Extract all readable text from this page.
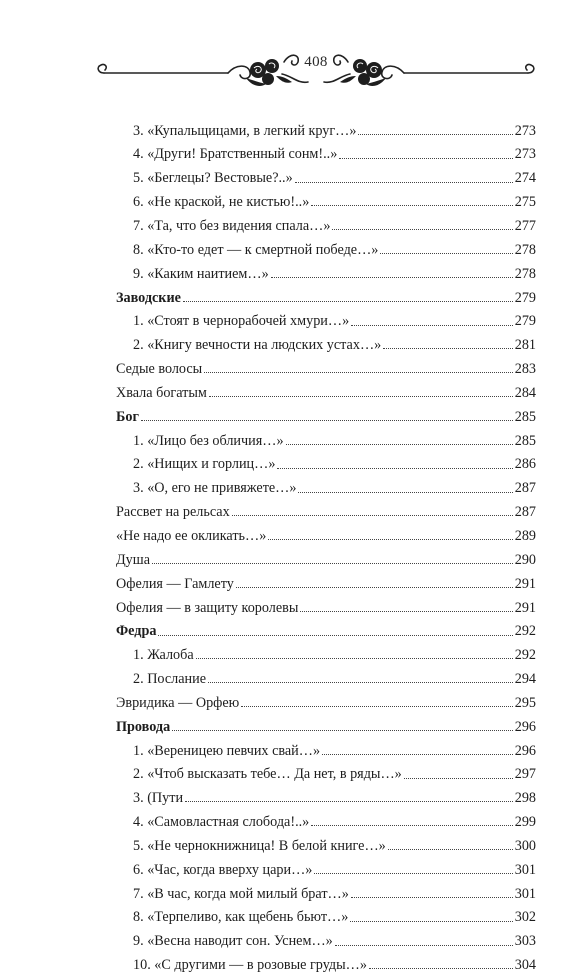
408
3. «Купальщицами, в легкий круг…»	273
4. «Други! Братственный сонм!..»	273
5. «Беглецы? Вестовые?..»	274
6. «Не краской, не кистью!..»	275
7. «Та, что без видения спала…»	277
8. «Кто-то едет — к смертной победе…»	278
9. «Каким наитием…»	278
Заводские	279
1. «Стоят в чернорабочей хмури…»	279
2. «Книгу вечности на людских устах…»	281
Седые волосы	283
Хвала богатым	284
Бог	285
1. «Лицо без обличия…»	285
2. «Нищих и горлиц…»	286
3. «О, его не привяжете…»	287
Рассвет на рельсах	287
«Не надо ее окликать…»	289
Душа	290
Офелия — Гамлету	291
Офелия — в защиту королевы	291
Федра	292
1. Жалоба	292
2. Послание	294
Эвридика — Орфею	295
Провода	296
1. «Вереницею певчих свай…»	296
2. «Чтоб высказать тебе… Да нет, в ряды…»	297
3. (Пути	298
4. «Самовластная слобода!..»	299
5. «Не чернокнижница! В белой книге…»	300
6. «Час, когда вверху цари…»	301
7. «В час, когда мой милый брат…»	301
8. «Терпеливо, как щебень бьют…»	302
9. «Весна наводит сон. Уснем…»	303
10. «С другими — в розовые груды…»	304
